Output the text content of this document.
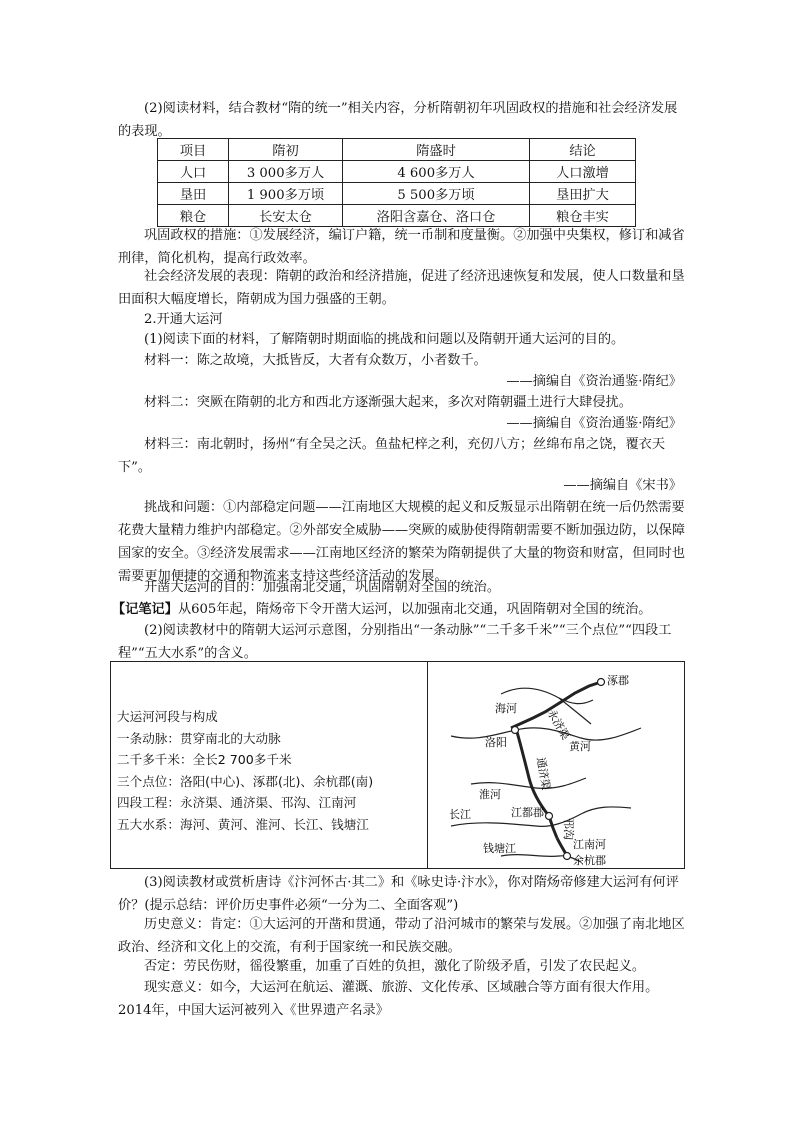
(2)阅读材料，结合教材“隋的统一”相关内容，分析隋朝初年巩固政权的措施和社会经济发展的表现。

项目	隋初	隋盛时	结论
人口	3 000多万人	4 600多万人	人口激增
垦田	1 900多万顷	5 500多万顷	垦田扩大
粮仓	长安太仓	洛阳含嘉仓、洛口仓	粮仓丰实

巩固政权的措施：①发展经济，编订户籍，统一币制和度量衡。②加强中央集权，修订和减省刑律，简化机构，提高行政效率。

社会经济发展的表现：隋朝的政治和经济措施，促进了经济迅速恢复和发展，使人口数量和垦田面积大幅度增长，隋朝成为国力强盛的王朝。

2.开通大运河

(1)阅读下面的材料，了解隋朝时期面临的挑战和问题以及隋朝开通大运河的目的。

材料一：陈之故境，大抵皆反，大者有众数万，小者数千。

——摘编自《资治通鉴·隋纪》

材料二：突厥在隋朝的北方和西北方逐渐强大起来，多次对隋朝疆土进行大肆侵扰。

——摘编自《资治通鉴·隋纪》

材料三：南北朝时，扬州“有全吴之沃。鱼盐杞梓之利，充仞八方；丝绵布帛之饶，覆衣天下”。

——摘编自《宋书》

挑战和问题：①内部稳定问题——江南地区大规模的起义和反叛显示出隋朝在统一后仍然需要花费大量精力维护内部稳定。②外部安全威胁——突厥的威胁使得隋朝需要不断加强边防，以保障国家的安全。③经济发展需求——江南地区经济的繁荣为隋朝提供了大量的物资和财富，但同时也需要更加便捷的交通和物流来支持这些经济活动的发展。

开凿大运河的目的：加强南北交通，巩固隋朝对全国的统治。

【记笔记】从605年起，隋炀帝下令开凿大运河，以加强南北交通，巩固隋朝对全国的统治。

(2)阅读教材中的隋朝大运河示意图，分别指出“一条动脉”“二千多千米”“三个点位”“四段工程”“五大水系”的含义。

大运河河段与构成
一条动脉：贯穿南北的大动脉
二千多千米：全长2 700多千米
三个点位：洛阳(中心)、涿郡(北)、余杭郡(南)
四段工程：永济渠、通济渠、邗沟、江南河
五大水系：海河、黄河、淮河、长江、钱塘江
涿郡
海河 永济渠
洛阳	黄河
通济渠
淮河
江都郡
邗沟
长江
江南河
钱塘江
余杭郡

(3)阅读教材或赏析唐诗《汴河怀古·其二》和《咏史诗·汴水》，你对隋炀帝修建大运河有何评价？(提示总结：评价历史事件必须“一分为二、全面客观”)

历史意义：肯定：①大运河的开凿和贯通，带动了沿河城市的繁荣与发展。②加强了南北地区政治、经济和文化上的交流，有利于国家统一和民族交融。

否定：劳民伤财，徭役繁重，加重了百姓的负担，激化了阶级矛盾，引发了农民起义。

现实意义：如今，大运河在航运、灌溉、旅游、文化传承、区域融合等方面有很大作用。2014年，中国大运河被列入《世界遗产名录》
